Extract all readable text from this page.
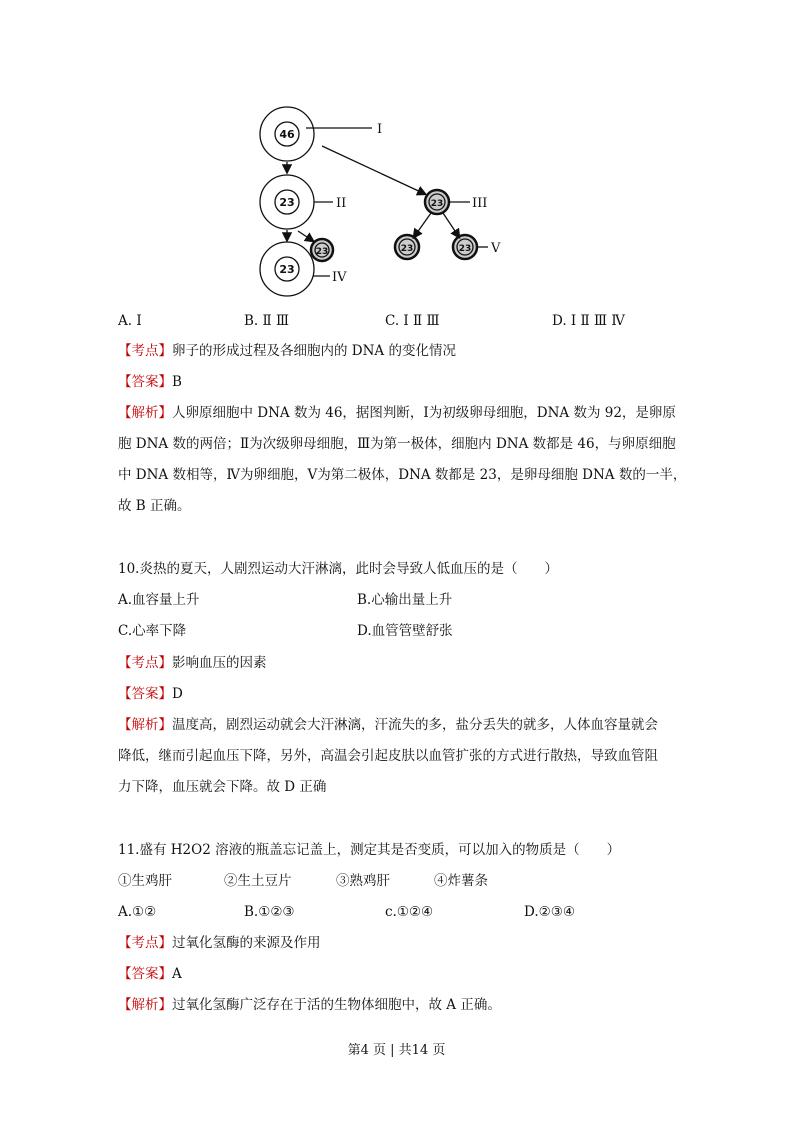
46
23
23
23
23
23	23
I
II	III
IV
V
A. Ⅰ	B. Ⅱ Ⅲ	C. Ⅰ Ⅱ Ⅲ	D. Ⅰ Ⅱ Ⅲ Ⅳ
【考点】卵子的形成过程及各细胞内的 DNA 的变化情况
【答案】B
【解析】人卵原细胞中 DNA 数为 46，据图判断，Ⅰ为初级卵母细胞，DNA 数为 92，是卵原
胞 DNA 数的两倍；Ⅱ为次级卵母细胞，Ⅲ为第一极体，细胞内 DNA 数都是 46，与卵原细胞
中 DNA 数相等，Ⅳ为卵细胞，Ⅴ为第二极体，DNA 数都是 23，是卵母细胞 DNA 数的一半，
故 B 正确。
10.炎热的夏天，人剧烈运动大汗淋漓，此时会导致人低血压的是（　　）
A.血容量上升	B.心输出量上升
C.心率下降	D.血管管壁舒张
【考点】影响血压的因素
【答案】D
【解析】温度高，剧烈运动就会大汗淋漓，汗流失的多，盐分丢失的就多，人体血容量就会
降低，继而引起血压下降，另外，高温会引起皮肤以血管扩张的方式进行散热，导致血管阻
力下降，血压就会下降。故 D 正确
11.盛有 H2O2 溶液的瓶盖忘记盖上，测定其是否变质，可以加入的物质是（　　）
①生鸡肝	②生土豆片	③熟鸡肝	④炸薯条
A.①②	B.①②③	c.①②④	D.②③④
【考点】过氧化氢酶的来源及作用
【答案】A
【解析】过氧化氢酶广泛存在于活的生物体细胞中，故 A 正确。
第4 页 | 共14 页
